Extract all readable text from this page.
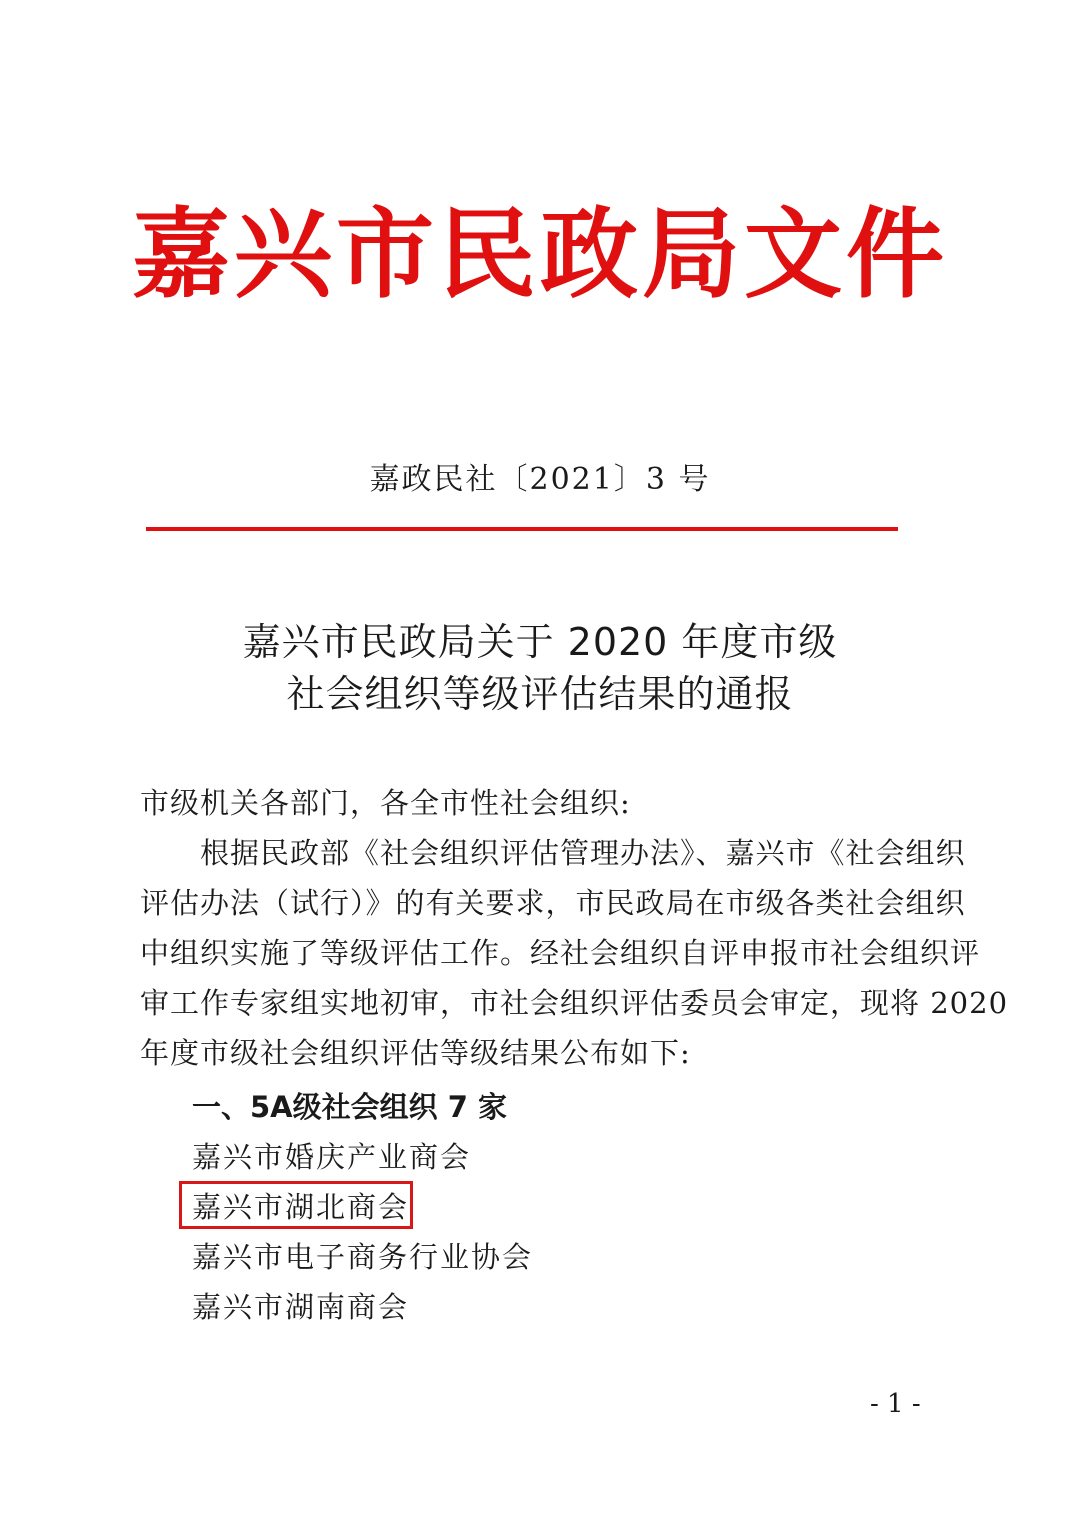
嘉兴市民政局文件
嘉政民社〔2021〕3 号
嘉兴市民政局关于 2020 年度市级
社会组织等级评估结果的通报
市级机关各部门，各全市性社会组织:
　　根据民政部《社会组织评估管理办法》、嘉兴市《社会组织
评估办法（试行）》的有关要求，市民政局在市级各类社会组织
中组织实施了等级评估工作。经社会组织自评申报市社会组织评
审工作专家组实地初审，市社会组织评估委员会审定，现将 2020
年度市级社会组织评估等级结果公布如下:
一、5A级社会组织 7 家
嘉兴市婚庆产业商会
嘉兴市湖北商会
嘉兴市电子商务行业协会
嘉兴市湖南商会
- 1 -
